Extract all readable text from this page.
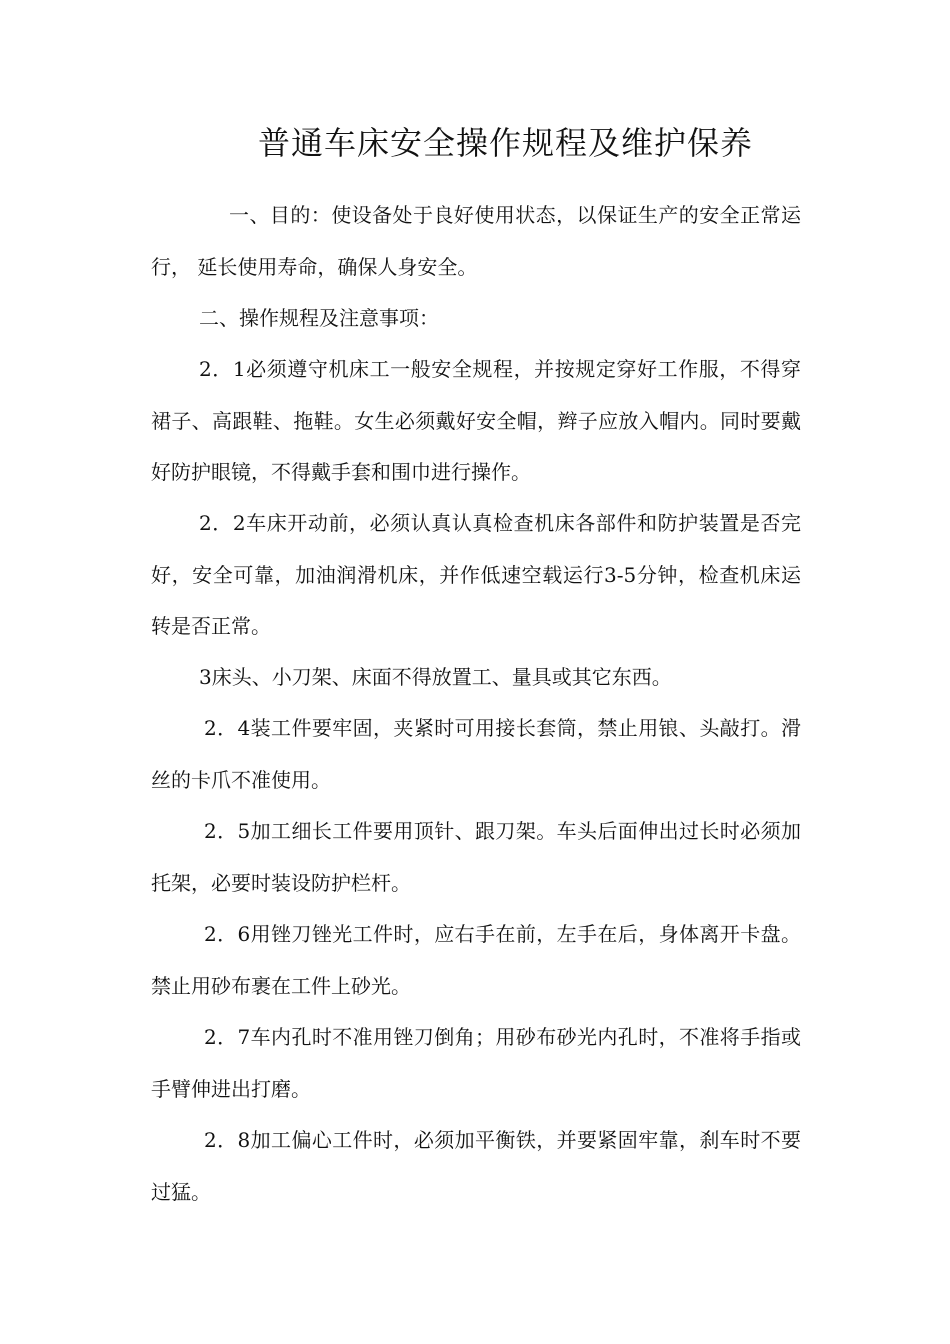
普通车床安全操作规程及维护保养

一、目的：使设备处于良好使用状态，以保证生产的安全正常运行， 延长使用寿命，确保人身安全。

二、操作规程及注意事项：

2．1必须遵守机床工一般安全规程，并按规定穿好工作服，不得穿裙子、高跟鞋、拖鞋。女生必须戴好安全帽，辫子应放入帽内。同时要戴好防护眼镜，不得戴手套和围巾进行操作。

2．2车床开动前，必须认真认真检查机床各部件和防护装置是否完好，安全可靠，加油润滑机床，并作低速空载运行3-5分钟，检查机床运转是否正常。

3床头、小刀架、床面不得放置工、量具或其它东西。

2．4装工件要牢固，夹紧时可用接长套筒，禁止用锒、头敲打。滑丝的卡爪不准使用。

2．5加工细长工件要用顶针、跟刀架。车头后面伸出过长时必须加托架，必要时装设防护栏杆。

2．6用锉刀锉光工件时，应右手在前，左手在后，身体离开卡盘。禁止用砂布裹在工件上砂光。

2．7车内孔时不准用锉刀倒角；用砂布砂光内孔时，不准将手指或手臂伸进出打磨。

2．8加工偏心工件时，必须加平衡铁，并要紧固牢靠，刹车时不要过猛。
